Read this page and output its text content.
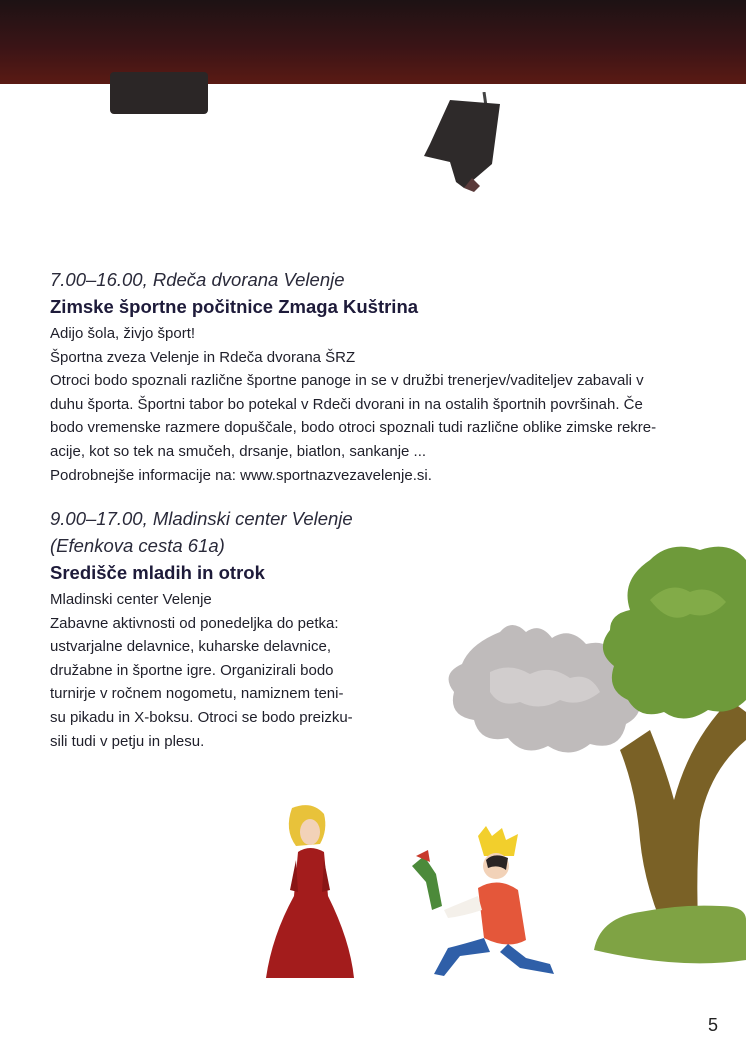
7.00–16.00, Rdeča dvorana Velenje

Zimske športne počitnice Zmaga Kuštrina

Adijo šola, živjo šport!

Športna zveza Velenje in Rdeča dvorana ŠRZ

Otroci bodo spoznali različne športne panoge in se v družbi trenerjev/vaditeljev zabavali v

duhu športa. Športni tabor bo potekal v Rdeči dvorani in na ostalih športnih površinah. Če

bodo vremenske razmere dopuščale, bodo otroci spoznali tudi različne oblike zimske rekre-

acije, kot so tek na smučeh, drsanje, biatlon, sankanje ...

Podrobnejše informacije na: www.sportnazvezavelenje.si.

9.00–17.00, Mladinski center Velenje

(Efenkova cesta 61a)

Središče mladih in otrok

Mladinski center Velenje

Zabavne aktivnosti od ponedeljka do petka:

ustvarjalne delavnice, kuharske delavnice,

družabne in športne igre. Organizirali bodo

turnirje v ročnem nogometu, namiznem teni-

su pikadu in X-boksu. Otroci se bodo preizku-

sili tudi v petju in plesu.

5
